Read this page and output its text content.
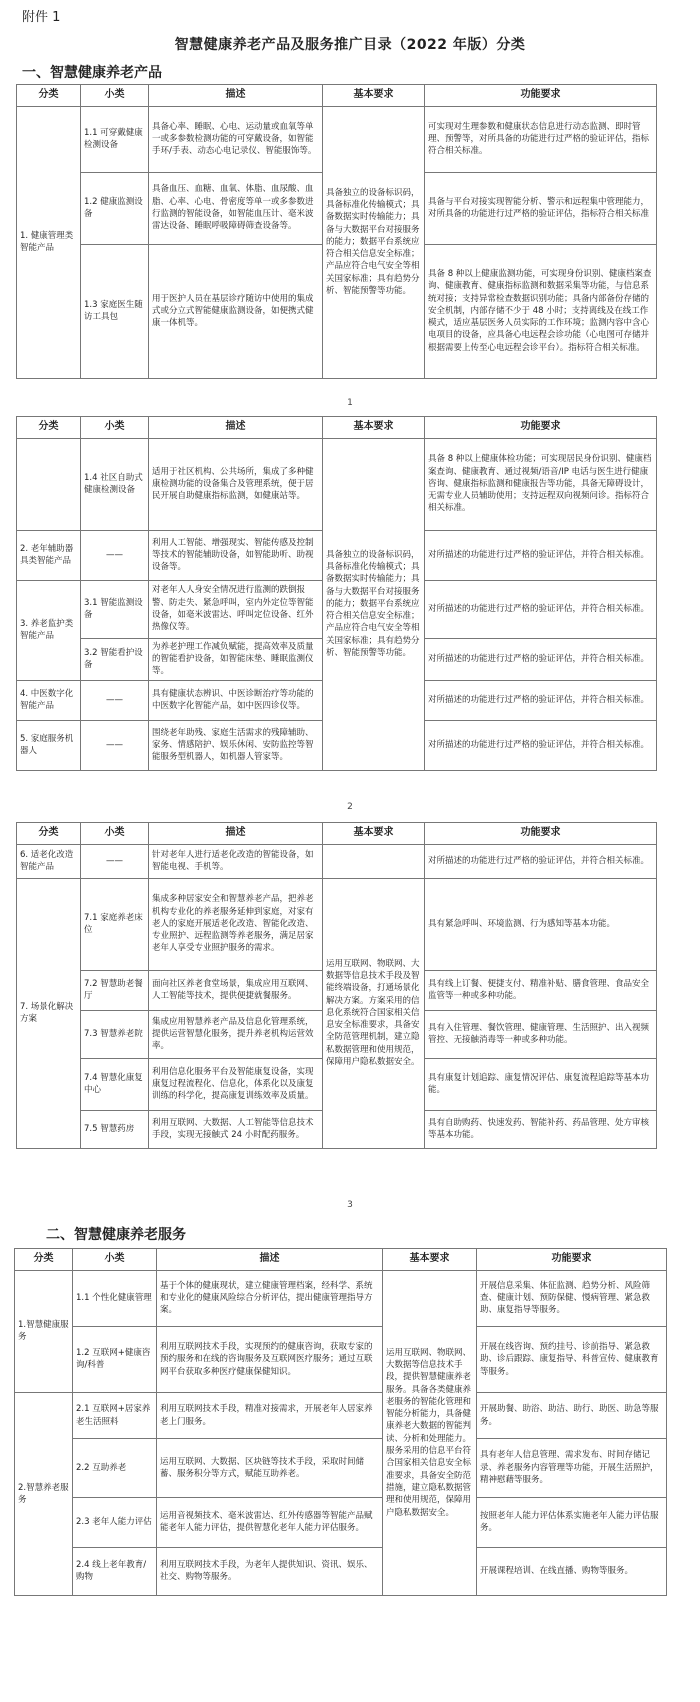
附件 1
智慧健康养老产品及服务推广目录（2022 年版）分类
一、智慧健康养老产品
分类	小类	描述	基本要求	功能要求
1. 健康管理类智能产品	1.1 可穿戴健康检测设备	具备心率、睡眠、心电、运动量或血氧等单一或多参数检测功能的可穿戴设备，如智能手环/手表、动态心电记录仪、智能服饰等。	具备独立的设备标识码，具备标准化传输模式；具备数据实时传输能力；具备与大数据平台对接服务的能力；数据平台系统应符合相关信息安全标准；产品应符合电气安全等相关国家标准；具有趋势分析、智能预警等功能。	可实现对生理参数和健康状态信息进行动态监测、即时管理、预警等，对所具备的功能进行过严格的验证评估，指标符合相关标准。
	1.2 健康监测设备	具备血压、血糖、血氧、体脂、血尿酸、血脂、心率、心电、骨密度等单一或多参数进行监测的智能设备，如智能血压计、毫米波雷达设备、睡眠呼吸障碍筛查设备等。		具备与平台对接实现智能分析、警示和远程集中管理能力，对所具备的功能进行过严格的验证评估，指标符合相关标准
	1.3 家庭医生随访工具包	用于医护人员在基层诊疗随访中使用的集成式或分立式智能健康监测设备，如便携式健康一体机等。		具备 8 种以上健康监测功能，可实现身份识别、健康档案查询、健康教育、健康指标监测和数据采集等功能，与信息系统对接；支持异常检查数据识别功能；具备内部备份存储的安全机制，内部存储不少于 48 小时；支持离线及在线工作模式，适应基层医务人员实际的工作环境；监测内容中含心电项目的设备，应具备心电远程会诊功能（心电图可存储并根据需要上传至心电远程会诊平台）。指标符合相关标准。
1
分类	小类	描述	基本要求	功能要求
	1.4 社区自助式健康检测设备	适用于社区机构、公共场所，集成了多种健康检测功能的设备集合及管理系统，便于居民开展自助健康指标监测，如健康站等。	具备独立的设备标识码，具备标准化传输模式；具备数据实时传输能力；具备与大数据平台对接服务的能力；数据平台系统应符合相关信息安全标准；产品应符合电气安全等相关国家标准；具有趋势分析、智能预警等功能。	具备 8 种以上健康体检功能；可实现居民身份识别、健康档案查询、健康教育、通过视频/语音/IP 电话与医生进行健康咨询、健康指标监测和健康报告等功能，具备无障碍设计，无需专业人员辅助使用；支持远程双向视频问诊。指标符合相关标准。
2. 老年辅助器具类智能产品	——	利用人工智能、增强现实、智能传感及控制等技术的智能辅助设备，如智能助听、助视设备等。		对所描述的功能进行过严格的验证评估，并符合相关标准。
3. 养老监护类智能产品	3.1 智能监测设备	对老年人人身安全情况进行监测的跌倒报警、防走失、紧急呼叫，室内外定位等智能设备，如毫米波雷达、呼叫定位设备、红外热像仪等。		对所描述的功能进行过严格的验证评估，并符合相关标准。
	3.2 智能看护设备	为养老护理工作减负赋能，提高效率及质量的智能看护设备，如智能床垫、睡眠监测仪等。		对所描述的功能进行过严格的验证评估，并符合相关标准。
4. 中医数字化智能产品	——	具有健康状态辨识、中医诊断治疗等功能的中医数字化智能产品，如中医四诊仪等。		对所描述的功能进行过严格的验证评估，并符合相关标准。
5. 家庭服务机器人	——	围绕老年助残、家庭生活需求的残障辅助、家务、情感陪护、娱乐休闲、安防监控等智能服务型机器人，如机器人管家等。		对所描述的功能进行过严格的验证评估，并符合相关标准。
2
分类	小类	描述	基本要求	功能要求
6. 适老化改造智能产品	——	针对老年人进行适老化改造的智能设备，如智能电视、手机等。		对所描述的功能进行过严格的验证评估，并符合相关标准。
7. 场景化解决方案	7.1 家庭养老床位	集成多种居家安全和智慧养老产品，把养老机构专业化的养老服务延伸到家庭，对家有老人的家庭开展适老化改造、智能化改造、专业照护、远程监测等养老服务，满足居家老年人享受专业照护服务的需求。	运用互联网、物联网、大数据等信息技术手段及智能终端设备，打通场景化解决方案。方案采用的信息化系统符合国家相关信息安全标准要求，具备安全防范管理机制，建立隐私数据管理和使用规范，保障用户隐私数据安全。	具有紧急呼叫、环境监测、行为感知等基本功能。
	7.2 智慧助老餐厅	面向社区养老食堂场景，集成应用互联网、人工智能等技术，提供便捷就餐服务。		具有线上订餐、便捷支付、精准补贴、膳食管理、食品安全监管等一种或多种功能。
	7.3 智慧养老院	集成应用智慧养老产品及信息化管理系统，提供运营智慧化服务，提升养老机构运营效率。		具有入住管理、餐饮管理、健康管理、生活照护、出入视频管控、无接触消毒等一种或多种功能。
	7.4 智慧化康复中心	利用信息化服务平台及智能康复设备，实现康复过程流程化、信息化，体系化以及康复训练的科学化，提高康复训练效率及质量。		具有康复计划追踪、康复情况评估、康复流程追踪等基本功能。
	7.5 智慧药房	利用互联网、大数据、人工智能等信息技术手段，实现无接触式 24 小时配药服务。		具有自助购药、快速发药、智能补药、药品管理、处方审核等基本功能。
3
二、智慧健康养老服务
分类	小类	描述	基本要求	功能要求
1.智慧健康服务	1.1 个性化健康管理	基于个体的健康现状，建立健康管理档案，经科学、系统和专业化的健康风险综合分析评估，提出健康管理指导方案。	运用互联网、物联网、大数据等信息技术手段，提供智慧健康养老服务。具备各类健康养老服务的智能化管理和智能分析能力，具备健康养老大数据的智能判读、分析和处理能力。服务采用的信息平台符合国家相关信息安全标准要求，具备安全防范措施，建立隐私数据管理和使用规范，保障用户隐私数据安全。	开展信息采集、体征监测、趋势分析、风险筛查、健康计划、预防保健、慢病管理、紧急救助、康复指导等服务。
	1.2 互联网+健康咨询/科普	利用互联网技术手段，实现预约的健康咨询，获取专家的预约服务和在线的咨询服务及互联网医疗服务；通过互联网平台获取多种医疗健康保健知识。		开展在线咨询、预约挂号、诊前指导、紧急救助、诊后跟踪、康复指导、科普宣传、健康教育等服务。
2.智慧养老服务	2.1 互联网+居家养老生活照料	利用互联网技术手段，精准对接需求，开展老年人居家养老上门服务。		开展助餐、助浴、助洁、助行、助医、助急等服务。
	2.2 互助养老	运用互联网、大数据、区块链等技术手段，采取时间储蓄、服务积分等方式，赋能互助养老。		具有老年人信息管理、需求发布、时间存储记录、养老服务内容管理等功能，开展生活照护，精神慰藉等服务。
	2.3 老年人能力评估	运用音视频技术、毫米波雷达、红外传感器等智能产品赋能老年人能力评估，提供智慧化老年人能力评估服务。		按照老年人能力评估体系实施老年人能力评估服务。
	2.4 线上老年教育/购物	利用互联网技术手段，为老年人提供知识、资讯、娱乐、社交、购物等服务。		开展课程培训、在线直播、购物等服务。
